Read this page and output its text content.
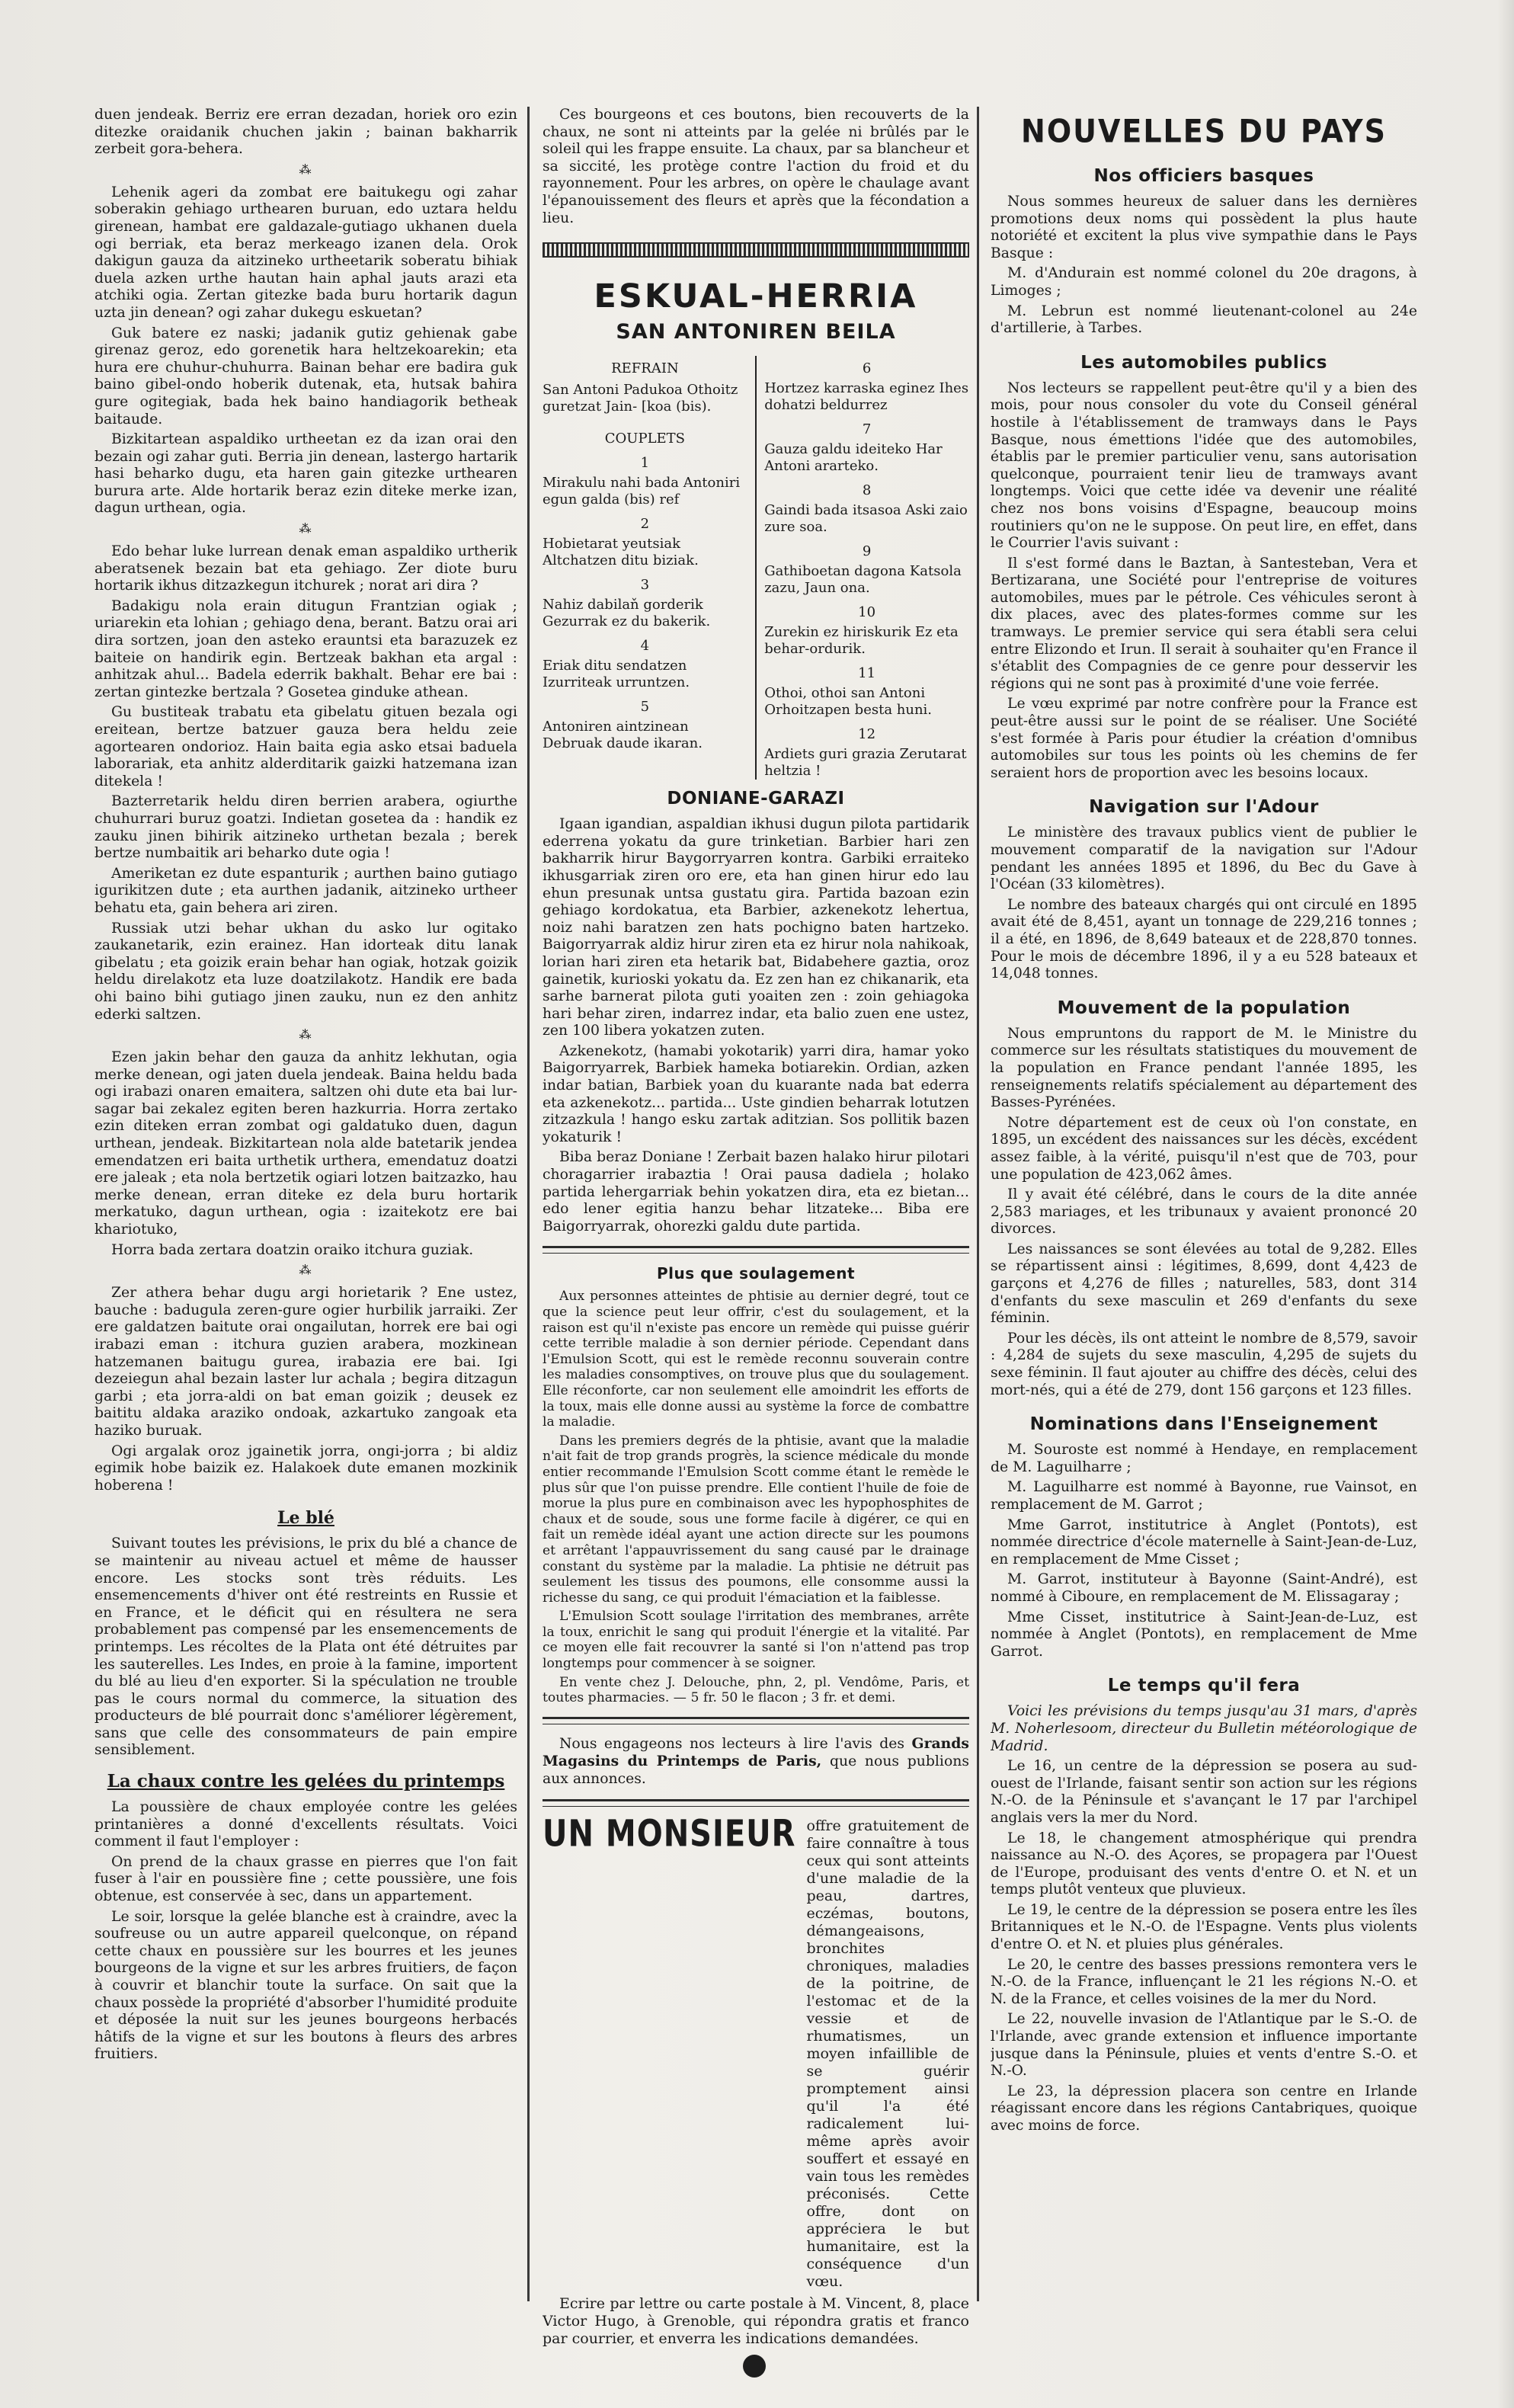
duen jendeak. Berriz ere erran dezadan, horiek oro ezin ditezke oraidanik chuchen jakin ; bainan bakharrik zerbeit gora-behera.

⁂

Lehenik ageri da zombat ere baitukegu ogi zahar soberakin gehiago urthearen buruan, edo uztara heldu girenean, hambat ere galdazale-gutiago ukhanen duela ogi berriak, eta beraz merkeago izanen dela. Orok dakigun gauza da aitzineko urtheetarik soberatu bihiak duela azken urthe hautan hain aphal jauts arazi eta atchiki ogia. Zertan gitezke bada buru hortarik dagun uzta jin denean? ogi zahar dukegu eskuetan?

Guk batere ez naski; jadanik gutiz gehienak gabe girenaz geroz, edo gorenetik hara heltzekoarekin; eta hura ere chuhur-chuhurra. Bainan behar ere badira guk baino gibel-ondo hoberik dutenak, eta, hutsak bahira gure ogitegiak, bada hek baino handiagorik betheak baitaude.

Bizkitartean aspaldiko urtheetan ez da izan orai den bezain ogi zahar guti. Berria jin denean, lastergo hartarik hasi beharko dugu, eta haren gain gitezke urthearen burura arte. Alde hortarik beraz ezin diteke merke izan, dagun urthean, ogia.

⁂

Edo behar luke lurrean denak eman aspaldiko urtherik aberatsenek bezain bat eta gehiago. Zer diote buru hortarik ikhus ditzazkegun itchurek ; norat ari dira ?

Badakigu nola erain ditugun Frantzian ogiak ; uriarekin eta lohian ; gehiago dena, berant. Batzu orai ari dira sortzen, joan den asteko erauntsi eta barazuzek ez baiteie on handirik egin. Bertzeak bakhan eta argal : anhitzak ahul... Badela ederrik bakhalt. Behar ere bai : zertan gintezke bertzala ? Gosetea ginduke athean.

Gu bustiteak trabatu eta gibelatu gituen bezala ogi ereitean, bertze batzuer gauza bera heldu zeie agortearen ondorioz. Hain baita egia asko etsai baduela laborariak, eta anhitz alderditarik gaizki hatzemana izan ditekela !

Bazterretarik heldu diren berrien arabera, ogiurthe chuhurrari buruz goatzi. Indietan gosetea da : handik ez zauku jinen bihirik aitzineko urthetan bezala ; berek bertze numbaitik ari beharko dute ogia !

Ameriketan ez dute espanturik ; aurthen baino gutiago igurikitzen dute ; eta aurthen jadanik, aitzineko urtheer behatu eta, gain behera ari ziren.

Russiak utzi behar ukhan du asko lur ogitako zaukanetarik, ezin erainez. Han idorteak ditu lanak gibelatu ; eta goizik erain behar han ogiak, hotzak goizik heldu direlakotz eta luze doatzilakotz. Handik ere bada ohi baino bihi gutiago jinen zauku, nun ez den anhitz ederki saltzen.

⁂

Ezen jakin behar den gauza da anhitz lekhutan, ogia merke denean, ogi jaten duela jendeak. Baina heldu bada ogi irabazi onaren emaitera, saltzen ohi dute eta bai lur-sagar bai zekalez egiten beren hazkurria. Horra zertako ezin diteken erran zombat ogi galdatuko duen, dagun urthean, jendeak. Bizkitartean nola alde batetarik jendea emendatzen eri baita urthetik urthera, emendatuz doatzi ere jaleak ; eta nola bertzetik ogiari lotzen baitzazko, hau merke denean, erran diteke ez dela buru hortarik merkatuko, dagun urthean, ogia : izaitekotz ere bai khariotuko,

Horra bada zertara doatzin oraiko itchura guziak.

⁂

Zer athera behar dugu argi horietarik ? Ene ustez, bauche : badugula zeren-gure ogier hurbilik jarraiki. Zer ere galdatzen baitute orai ongailutan, horrek ere bai ogi irabazi eman : itchura guzien arabera, mozkinean hatzemanen baitugu gurea, irabazia ere bai. Igi dezeiegun ahal bezain laster lur achala ; begira ditzagun garbi ; eta jorra-aldi on bat eman goizik ; deusek ez baititu aldaka araziko ondoak, azkartuko zangoak eta haziko buruak.

Ogi argalak oroz jgainetik jorra, ongi-jorra ; bi aldiz egimik hobe baizik ez. Halakoek dute emanen mozkinik hoberena !

Le blé

Suivant toutes les prévisions, le prix du blé a chance de se maintenir au niveau actuel et même de hausser encore. Les stocks sont très réduits. Les ensemencements d'hiver ont été restreints en Russie et en France, et le déficit qui en résultera ne sera probablement pas compensé par les ensemencements de printemps. Les récoltes de la Plata ont été détruites par les sauterelles. Les Indes, en proie à la famine, importent du blé au lieu d'en exporter. Si la spéculation ne trouble pas le cours normal du commerce, la situation des producteurs de blé pourrait donc s'améliorer légèrement, sans que celle des consommateurs de pain empire sensiblement.

La chaux contre les gelées du printemps

La poussière de chaux employée contre les gelées printanières a donné d'excellents résultats. Voici comment il faut l'employer :

On prend de la chaux grasse en pierres que l'on fait fuser à l'air en poussière fine ; cette poussière, une fois obtenue, est conservée à sec, dans un appartement.

Le soir, lorsque la gelée blanche est à craindre, avec la soufreuse ou un autre appareil quelconque, on répand cette chaux en poussière sur les bourres et les jeunes bourgeons de la vigne et sur les arbres fruitiers, de façon à couvrir et blanchir toute la surface. On sait que la chaux possède la propriété d'absorber l'humidité produite et déposée la nuit sur les jeunes bourgeons herbacés hâtifs de la vigne et sur les boutons à fleurs des arbres fruitiers.

Ces bourgeons et ces boutons, bien recouverts de la chaux, ne sont ni atteints par la gelée ni brûlés par le soleil qui les frappe ensuite. La chaux, par sa blancheur et sa siccité, les protège contre l'action du froid et du rayonnement. Pour les arbres, on opère le chaulage avant l'épanouissement des fleurs et après que la fécondation a lieu.

ESKUAL-HERRIA
SAN ANTONIREN BEILA
REFRAIN
San Antoni Padukoa Othoitz guretzat Jain- [koa (bis).
COUPLETS
1
Mirakulu nahi bada Antoniri egun galda (bis) ref
2
Hobietarat yeutsiak Altchatzen ditu biziak.
3
Nahiz dabilaň gorderik Gezurrak ez du bakerik.
4
Eriak ditu sendatzen Izurriteak urruntzen.
5
Antoniren aintzinean Debruak daude ikaran.
6
Hortzez karraska eginez Ihes dohatzi beldurrez
7
Gauza galdu ideiteko Har Antoni arartekо.
8
Gaindi bada itsasoa Aski zaio zure soa.
9
Gathiboetan dagona Katsola zazu, Jaun ona.
10
Zurekin ez hiriskurik Ez eta behar-ordurik.
11
Othoi, othoi san Antoni Orhoitzapen besta huni.
12
Ardiets guri grazia Zerutarat heltzia !
DONIANE-GARAZI

Igaan igandian, aspaldian ikhusi dugun pilota partidarik ederrena yokatu da gure trinketian. Barbier hari zen bakharrik hirur Baygorryarren kontra. Garbiki erraiteko ikhusgarriak ziren oro ere, eta han ginen hirur edo lau ehun presunak untsa gustatu gira. Partida bazoan ezin gehiago kordokatua, eta Barbier, azkenekotz lehertua, noiz nahi baratzen zen hats pochigno baten hartzeko. Baigorryarrak aldiz hirur ziren eta ez hirur nola nahikoak, lorian hari ziren eta hetarik bat, Bidabehere gaztia, oroz gainetik, kurioski yokatu da. Ez zen han ez chikanarik, eta sarhe barnerat pilota guti yoaiten zen : zoin gehiagoka hari behar ziren, indarrez indar, eta balio zuen ene ustez, zen 100 libera yokatzen zuten.

Azkenekotz, (hamabi yokotarik) yarri dira, hamar yoko Baigorryarrek, Barbiek hameka botiarekin. Ordian, azken indar batian, Barbiek yoan du kuarante nada bat ederra eta azkenekotz... partida... Uste gindien beharrak lotutzen zitzazkula ! hango esku zartak aditzian. Sos pollitik bazen yokaturik !

Biba beraz Doniane ! Zerbait bazen halako hirur pilotari choragarrier irabaztia ! Orai pausa dadiela ; holako partida lehergarriak behin yokatzen dira, eta ez bietan... edo lener egitia hanzu behar litzateke... Biba ere Baigorryarrak, ohorezki galdu dute partida.

Plus que soulagement

Aux personnes atteintes de phtisie au dernier degré, tout ce que la science peut leur offrir, c'est du soulagement, et la raison est qu'il n'existe pas encore un remède qui puisse guérir cette terrible maladie à son dernier période. Cependant dans l'Emulsion Scott, qui est le remède reconnu souverain contre les maladies consomptives, on trouve plus que du soulagement. Elle réconforte, car non seulement elle amoindrit les efforts de la toux, mais elle donne aussi au système la force de combattre la maladie.

Dans les premiers degrés de la phtisie, avant que la maladie n'ait fait de trop grands progrès, la science médicale du monde entier recommande l'Emulsion Scott comme étant le remède le plus sûr que l'on puisse prendre. Elle contient l'huile de foie de morue la plus pure en combinaison avec les hypophosphites de chaux et de soude, sous une forme facile à digérer, ce qui en fait un remède idéal ayant une action directe sur les poumons et arrêtant l'appauvrissement du sang causé par le drainage constant du système par la maladie. La phtisie ne détruit pas seulement les tissus des poumons, elle consomme aussi la richesse du sang, ce qui produit l'émaciation et la faiblesse.

L'Emulsion Scott soulage l'irritation des membranes, arrête la toux, enrichit le sang qui produit l'énergie et la vitalité. Par ce moyen elle fait recouvrer la santé si l'on n'attend pas trop longtemps pour commencer à se soigner.

En vente chez J. Delouche, phn, 2, pl. Vendôme, Paris, et toutes pharmacies. — 5 fr. 50 le flacon ; 3 fr. et demi.

Nous engageons nos lecteurs à lire l'avis des Grands Magasins du Printemps de Paris, que nous publions aux annonces.

UN MONSIEUR offre gratuitement de faire connaître à tous ceux qui sont atteints d'une maladie de la peau, dartres, eczémas, boutons, démangeaisons, bronchites chroniques, maladies de la poitrine, de l'estomac et de la vessie et de rhumatismes, un moyen infaillible de se guérir promptement ainsi qu'il l'a été radicalement lui-même après avoir souffert et essayé en vain tous les remèdes préconisés. Cette offre, dont on appréciera le but humanitaire, est la conséquence d'un vœu.

Ecrire par lettre ou carte postale à M. Vincent, 8, place Victor Hugo, à Grenoble, qui répondra gratis et franco par courrier, et enverra les indications demandées.

NOUVELLES DU PAYS
Nos officiers basques

Nous sommes heureux de saluer dans les dernières promotions deux noms qui possèdent la plus haute notoriété et excitent la plus vive sympathie dans le Pays Basque :

M. d'Andurain est nommé colonel du 20e dragons, à Limoges ;

M. Lebrun est nommé lieutenant-colonel au 24e d'artillerie, à Tarbes.

Les automobiles publics

Nos lecteurs se rappellent peut-être qu'il y a bien des mois, pour nous consoler du vote du Conseil général hostile à l'établissement de tramways dans le Pays Basque, nous émettions l'idée que des automobiles, établis par le premier particulier venu, sans autorisation quelconque, pourraient tenir lieu de tramways avant longtemps. Voici que cette idée va devenir une réalité chez nos bons voisins d'Espagne, beaucoup moins routiniers qu'on ne le suppose. On peut lire, en effet, dans le Courrier l'avis suivant :

Il s'est formé dans le Baztan, à Santesteban, Vera et Bertizarana, une Société pour l'entreprise de voitures automobiles, mues par le pétrole. Ces véhicules seront à dix places, avec des plates-formes comme sur les tramways. Le premier service qui sera établi sera celui entre Elizondo et Irun. Il serait à souhaiter qu'en France il s'établit des Compagnies de ce genre pour desservir les régions qui ne sont pas à proximité d'une voie ferrée.

Le vœu exprimé par notre confrère pour la France est peut-être aussi sur le point de se réaliser. Une Société s'est formée à Paris pour étudier la création d'omnibus automobiles sur tous les points où les chemins de fer seraient hors de proportion avec les besoins locaux.

Navigation sur l'Adour

Le ministère des travaux publics vient de publier le mouvement comparatif de la navigation sur l'Adour pendant les années 1895 et 1896, du Bec du Gave à l'Océan (33 kilomètres).

Le nombre des bateaux chargés qui ont circulé en 1895 avait été de 8,451, ayant un tonnage de 229,216 tonnes ; il a été, en 1896, de 8,649 bateaux et de 228,870 tonnes. Pour le mois de décembre 1896, il y a eu 528 bateaux et 14,048 tonnes.

Mouvement de la population

Nous empruntons du rapport de M. le Ministre du commerce sur les résultats statistiques du mouvement de la population en France pendant l'année 1895, les renseignements relatifs spécialement au département des Basses-Pyrénées.

Notre département est de ceux où l'on constate, en 1895, un excédent des naissances sur les décès, excédent assez faible, à la vérité, puisqu'il n'est que de 703, pour une population de 423,062 âmes.

Il y avait été célébré, dans le cours de la dite année 2,583 mariages, et les tribunaux y avaient prononcé 20 divorces.

Les naissances se sont élevées au total de 9,282. Elles se répartissent ainsi : légitimes, 8,699, dont 4,423 de garçons et 4,276 de filles ; naturelles, 583, dont 314 d'enfants du sexe masculin et 269 d'enfants du sexe féminin.

Pour les décès, ils ont atteint le nombre de 8,579, savoir : 4,284 de sujets du sexe masculin, 4,295 de sujets du sexe féminin. Il faut ajouter au chiffre des décès, celui des mort-nés, qui a été de 279, dont 156 garçons et 123 filles.

Nominations dans l'Enseignement

M. Souroste est nommé à Hendaye, en remplacement de M. Laguilharre ;

M. Laguilharre est nommé à Bayonne, rue Vainsot, en remplacement de M. Garrot ;

Mme Garrot, institutrice à Anglet (Pontots), est nommée directrice d'école maternelle à Saint-Jean-de-Luz, en remplacement de Mme Cisset ;

M. Garrot, instituteur à Bayonne (Saint-André), est nommé à Ciboure, en remplacement de M. Elissagaray ;

Mme Cisset, institutrice à Saint-Jean-de-Luz, est nommée à Anglet (Pontots), en remplacement de Mme Garrot.

Le temps qu'il fera

Voici les prévisions du temps jusqu'au 31 mars, d'après M. Noherlesoom, directeur du Bulletin météorologique de Madrid.

Le 16, un centre de la dépression se posera au sud-ouest de l'Irlande, faisant sentir son action sur les régions N.-O. de la Péninsule et s'avançant le 17 par l'archipel anglais vers la mer du Nord.

Le 18, le changement atmosphérique qui prendra naissance au N.-O. des Açores, se propagera par l'Ouest de l'Europe, produisant des vents d'entre O. et N. et un temps plutôt venteux que pluvieux.

Le 19, le centre de la dépression se posera entre les îles Britanniques et le N.-O. de l'Espagne. Vents plus violents d'entre O. et N. et pluies plus générales.

Le 20, le centre des basses pressions remontera vers le N.-O. de la France, influençant le 21 les régions N.-O. et N. de la France, et celles voisines de la mer du Nord.

Le 22, nouvelle invasion de l'Atlantique par le S.-O. de l'Irlande, avec grande extension et influence importante jusque dans la Péninsule, pluies et vents d'entre S.-O. et N.-O.

Le 23, la dépression placera son centre en Irlande réagissant encore dans les régions Cantabriques, quoique avec moins de force.
